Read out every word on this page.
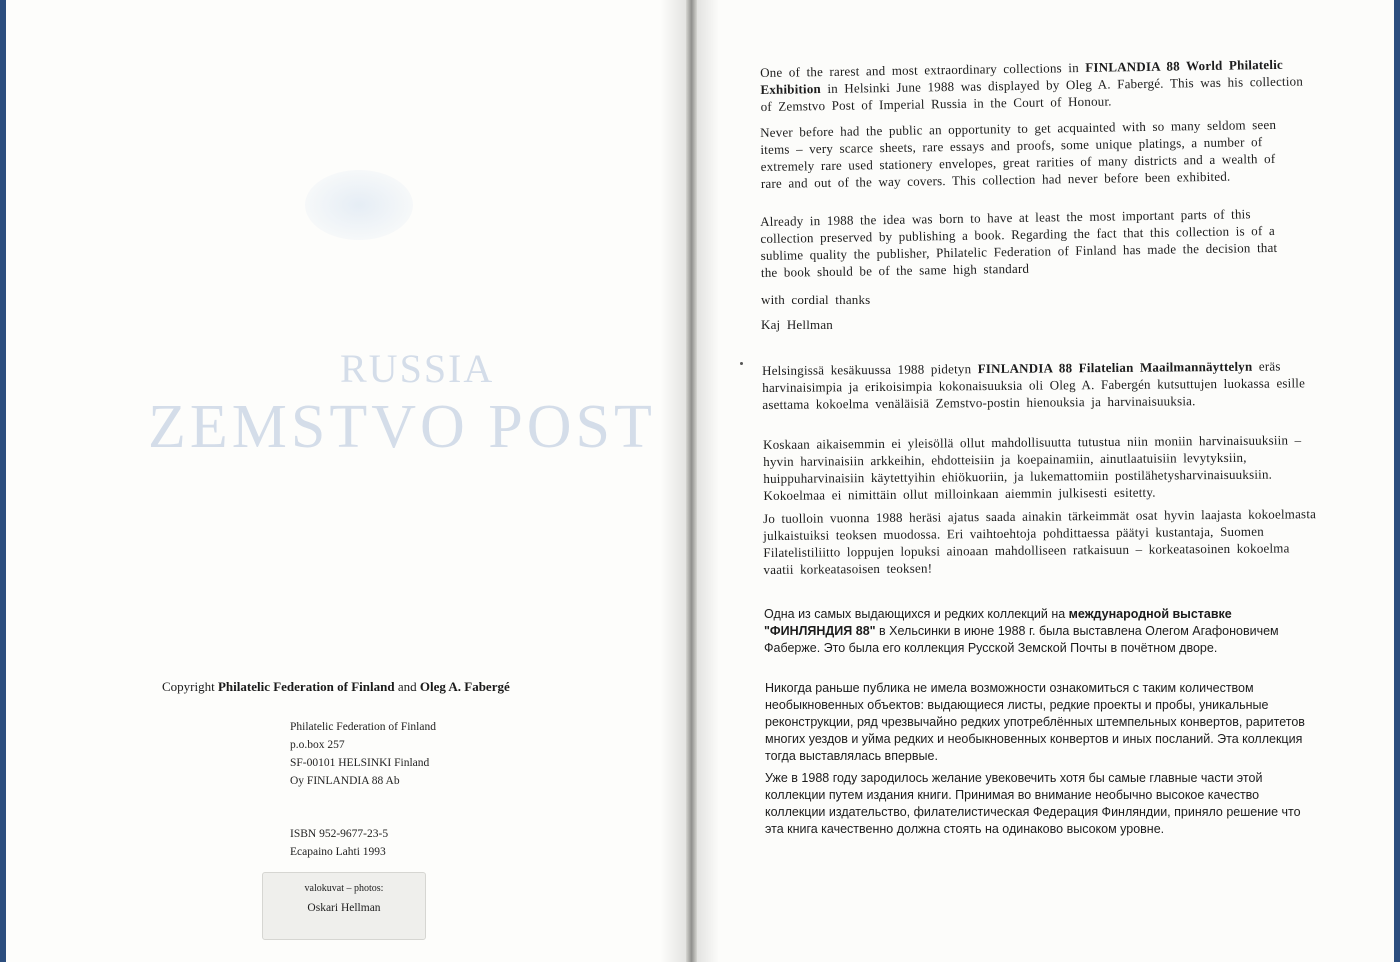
RUSSIA
ZEMSTVO POST
Copyright Philatelic Federation of Finland and Oleg A. Fabergé
Philatelic Federation of Finland
p.o.box 257
SF-00101 HELSINKI Finland
Oy FINLANDIA 88 Ab
ISBN 952-9677-23-5
Ecapaino Lahti 1993
valokuvat – photos:
Oskari Hellman
One of the rarest and most extraordinary collections in FINLANDIA 88 World Philatelic Exhibition in Helsinki June 1988 was displayed by Oleg A. Fabergé. This was his collection of Zemstvo Post of Imperial Russia in the Court of Honour.
Never before had the public an opportunity to get acquainted with so many seldom seen items – very scarce sheets, rare essays and proofs, some unique platings, a number of extremely rare used stationery envelopes, great rarities of many districts and a wealth of rare and out of the way covers. This collection had never before been exhibited.
Already in 1988 the idea was born to have at least the most important parts of this collection preserved by publishing a book. Regarding the fact that this collection is of a sublime quality the publisher, Philatelic Federation of Finland has made the decision that the book should be of the same high standard
with cordial thanks
Kaj Hellman
Helsingissä kesäkuussa 1988 pidetyn FINLANDIA 88 Filatelian Maailmannäyttelyn eräs harvinaisimpia ja erikoisimpia kokonaisuuksia oli Oleg A. Fabergén kutsuttujen luokassa esille asettama kokoelma venäläisiä Zemstvo-postin hienouksia ja harvinaisuuksia.
Koskaan aikaisemmin ei yleisöllä ollut mahdollisuutta tutustua niin moniin harvinaisuuksiin – hyvin harvinaisiin arkkeihin, ehdotteisiin ja koepainamiin, ainutlaatuisiin levytyksiin, huippuharvinaisiin käytettyihin ehiökuoriin, ja lukemattomiin postilähetysharvinaisuuksiin. Kokoelmaa ei nimittäin ollut milloinkaan aiemmin julkisesti esitetty.
Jo tuolloin vuonna 1988 heräsi ajatus saada ainakin tärkeimmät osat hyvin laajasta kokoelmasta julkaistuiksi teoksen muodossa. Eri vaihtoehtoja pohdittaessa päätyi kustantaja, Suomen Filatelistiliitto loppujen lopuksi ainoaan mahdolliseen ratkaisuun – korkeatasoinen kokoelma vaatii korkeatasoisen teoksen!
Одна из самых выдающихся и редких коллекций на международной выставке "ФИНЛЯНДИЯ 88" в Хельсинки в июне 1988 г. была выставлена Олегом Агафоновичем Фаберже. Это была его коллекция Русской Земской Почты в почётном дворе.
Никогда раньше публика не имела возможности ознакомиться с таким количеством необыкновенных объектов: выдающиеся листы, редкие проекты и пробы, уникальные реконструкции, ряд чрезвычайно редких употреблённых штемпельных конвертов, раритетов многих уездов и уйма редких и необыкновенных конвертов и иных посланий. Эта коллекция тогда выставлялась впервые.
Уже в 1988 году зародилось желание увековечить хотя бы самые главные части этой коллекции путем издания книги. Принимая во внимание необычно высокое качество коллекции издательство, филателистическая Федерация Финляндии, приняло решение что эта книга качественно должна стоять на одинаково высоком уровне.
